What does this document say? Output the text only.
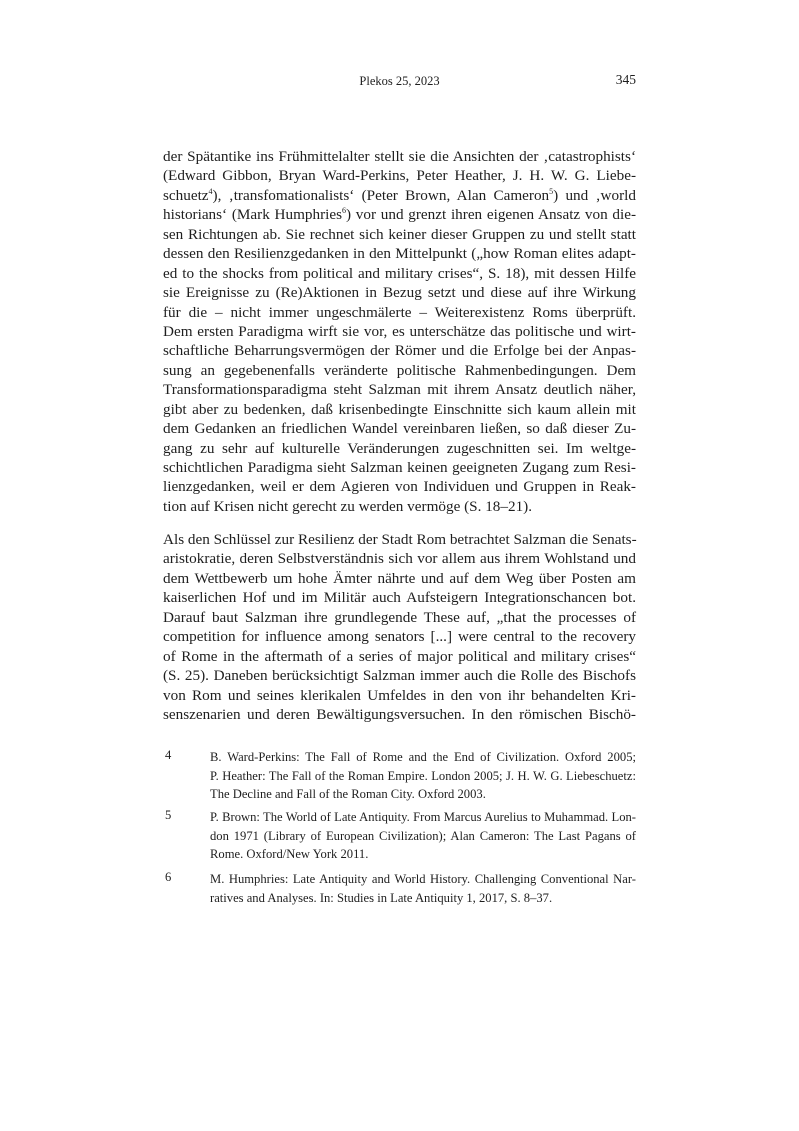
Plekos 25, 2023	345
der Spätantike ins Frühmittelalter stellt sie die Ansichten der ‚catastrophists‘
(Edward Gibbon, Bryan Ward-Perkins, Peter Heather, J. H. W. G. Liebe-
schuetz$^4$), ‚transfomationalists‘ (Peter Brown, Alan Cameron$^5$) und ‚world
historians‘ (Mark Humphries$^6$) vor und grenzt ihren eigenen Ansatz von die-
sen Richtungen ab. Sie rechnet sich keiner dieser Gruppen zu und stellt statt
dessen den Resilienzgedanken in den Mittelpunkt („how Roman elites adapt-
ed to the shocks from political and military crises“, S. 18), mit dessen Hilfe
sie Ereignisse zu (Re)Aktionen in Bezug setzt und diese auf ihre Wirkung
für die – nicht immer ungeschmälerte – Weiterexistenz Roms überprüft.
Dem ersten Paradigma wirft sie vor, es unterschätze das politische und wirt-
schaftliche Beharrungsvermögen der Römer und die Erfolge bei der Anpas-
sung an gegebenenfalls veränderte politische Rahmenbedingungen. Dem
Transformationsparadigma steht Salzman mit ihrem Ansatz deutlich näher,
gibt aber zu bedenken, daß krisenbedingte Einschnitte sich kaum allein mit
dem Gedanken an friedlichen Wandel vereinbaren ließen, so daß dieser Zu-
gang zu sehr auf kulturelle Veränderungen zugeschnitten sei. Im weltge-
schichtlichen Paradigma sieht Salzman keinen geeigneten Zugang zum Resi-
lienzgedanken, weil er dem Agieren von Individuen und Gruppen in Reak-
tion auf Krisen nicht gerecht zu werden vermöge (S. 18–21).
Als den Schlüssel zur Resilienz der Stadt Rom betrachtet Salzman die Senats-
aristokratie, deren Selbstverständnis sich vor allem aus ihrem Wohlstand und
dem Wettbewerb um hohe Ämter nährte und auf dem Weg über Posten am
kaiserlichen Hof und im Militär auch Aufsteigern Integrationschancen bot.
Darauf baut Salzman ihre grundlegende These auf, „that the processes of
competition for influence among senators [...] were central to the recovery
of Rome in the aftermath of a series of major political and military crises“
(S. 25). Daneben berücksichtigt Salzman immer auch die Rolle des Bischofs
von Rom und seines klerikalen Umfeldes in den von ihr behandelten Kri-
senszenarien und deren Bewältigungsversuchen. In den römischen Bischö-
4	B. Ward-Perkins: The Fall of Rome and the End of Civilization. Oxford 2005;
P. Heather: The Fall of the Roman Empire. London 2005; J. H. W. G. Liebeschuetz:
The Decline and Fall of the Roman City. Oxford 2003.
5	P. Brown: The World of Late Antiquity. From Marcus Aurelius to Muhammad. Lon-
don 1971 (Library of European Civilization); Alan Cameron: The Last Pagans of
Rome. Oxford/New York 2011.
6	M. Humphries: Late Antiquity and World History. Challenging Conventional Nar-
ratives and Analyses. In: Studies in Late Antiquity 1, 2017, S. 8–37.
